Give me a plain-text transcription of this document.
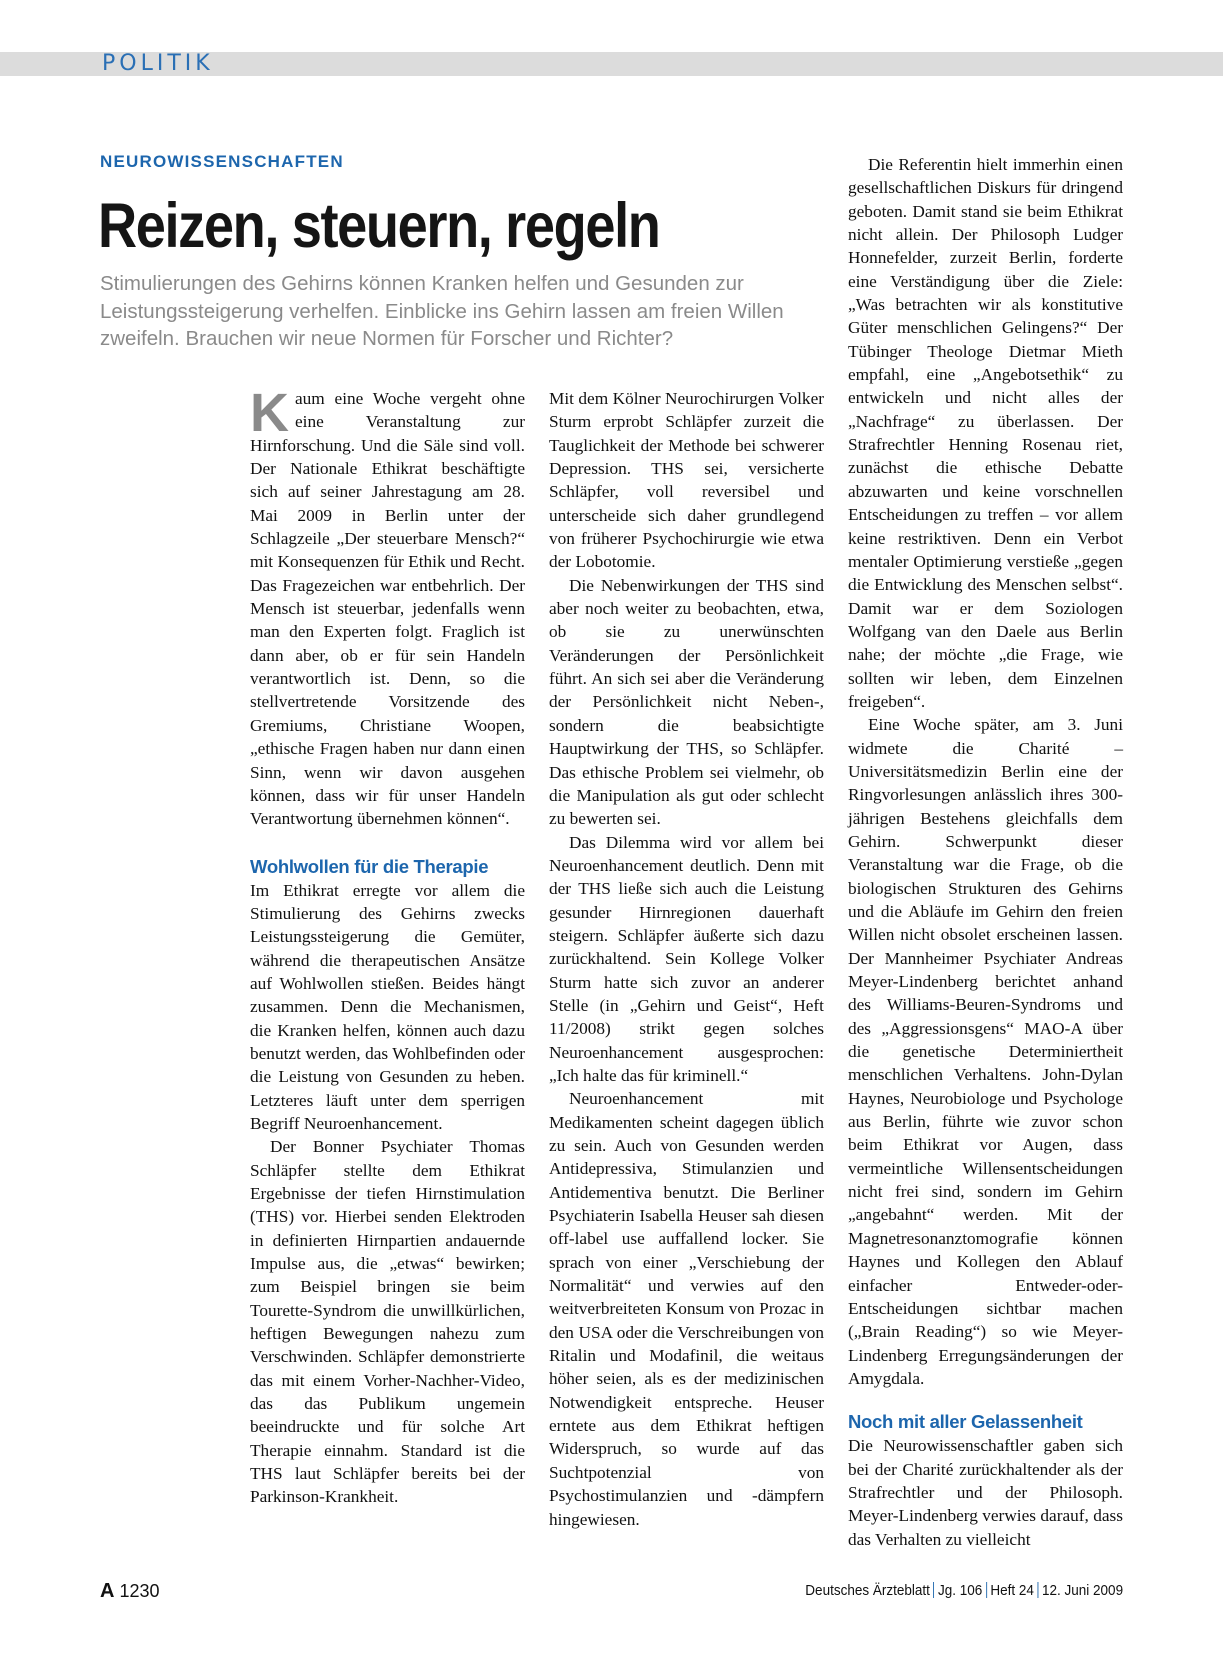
POLITIK
NEUROWISSENSCHAFTEN
Reizen, steuern, regeln
Stimulierungen des Gehirns können Kranken helfen und Gesunden zur Leistungssteigerung verhelfen. Einblicke ins Gehirn lassen am freien Willen zweifeln. Brauchen wir neue Normen für Forscher und Richter?

Kaum eine Woche vergeht ohne eine Veranstaltung zur Hirnforschung. Und die Säle sind voll. Der Nationale Ethikrat beschäftigte sich auf seiner Jahrestagung am 28. Mai 2009 in Berlin unter der Schlagzeile „Der steuerbare Mensch?“ mit Konsequenzen für Ethik und Recht. Das Fragezeichen war entbehrlich. Der Mensch ist steuerbar, jedenfalls wenn man den Experten folgt. Fraglich ist dann aber, ob er für sein Handeln verantwortlich ist. Denn, so die stellvertretende Vorsitzende des Gremiums, Christiane Woopen, „ethische Fragen haben nur dann einen Sinn, wenn wir davon ausgehen können, dass wir für unser Handeln Verantwortung übernehmen können“.

Wohlwollen für die Therapie

Im Ethikrat erregte vor allem die Stimulierung des Gehirns zwecks Leistungssteigerung die Gemüter, während die therapeutischen Ansätze auf Wohlwollen stießen. Beides hängt zusammen. Denn die Mechanismen, die Kranken helfen, können auch dazu benutzt werden, das Wohlbefinden oder die Leistung von Gesunden zu heben. Letzteres läuft unter dem sperrigen Begriff Neuroenhancement.

Der Bonner Psychiater Thomas Schläpfer stellte dem Ethikrat Ergebnisse der tiefen Hirnstimulation (THS) vor. Hierbei senden Elektroden in definierten Hirnpartien andauernde Impulse aus, die „etwas“ bewirken; zum Beispiel bringen sie beim Tourette-Syndrom die unwillkürlichen, heftigen Bewegungen nahezu zum Verschwinden. Schläpfer demonstrierte das mit einem Vorher-Nachher-Video, das das Publikum ungemein beeindruckte und für solche Art Therapie einnahm. Standard ist die THS laut Schläpfer bereits bei der Parkinson-Krankheit.

Mit dem Kölner Neurochirurgen Volker Sturm erprobt Schläpfer zurzeit die Tauglichkeit der Methode bei schwerer Depression. THS sei, versicherte Schläpfer, voll reversibel und unterscheide sich daher grundlegend von früherer Psychochirurgie wie etwa der Lobotomie.

Die Nebenwirkungen der THS sind aber noch weiter zu beobachten, etwa, ob sie zu unerwünschten Veränderungen der Persönlichkeit führt. An sich sei aber die Veränderung der Persönlichkeit nicht Neben-, sondern die beabsichtigte Hauptwirkung der THS, so Schläpfer. Das ethische Problem sei vielmehr, ob die Manipulation als gut oder schlecht zu bewerten sei.

Das Dilemma wird vor allem bei Neuroenhancement deutlich. Denn mit der THS ließe sich auch die Leistung gesunder Hirnregionen dauerhaft steigern. Schläpfer äußerte sich dazu zurückhaltend. Sein Kollege Volker Sturm hatte sich zuvor an anderer Stelle (in „Gehirn und Geist“, Heft 11/2008) strikt gegen solches Neuroenhancement ausgesprochen: „Ich halte das für kriminell.“

Neuroenhancement mit Medikamenten scheint dagegen üblich zu sein. Auch von Gesunden werden Antidepressiva, Stimulanzien und Antidementiva benutzt. Die Berliner Psychiaterin Isabella Heuser sah diesen off-label use auffallend locker. Sie sprach von einer „Verschiebung der Normalität“ und verwies auf den weitverbreiteten Konsum von Prozac in den USA oder die Verschreibungen von Ritalin und Modafinil, die weitaus höher seien, als es der medizinischen Notwendigkeit entspreche. Heuser erntete aus dem Ethikrat heftigen Widerspruch, so wurde auf das Suchtpotenzial von Psychostimulanzien und -dämpfern hingewiesen.

Die Referentin hielt immerhin einen gesellschaftlichen Diskurs für dringend geboten. Damit stand sie beim Ethikrat nicht allein. Der Philosoph Ludger Honnefelder, zurzeit Berlin, forderte eine Verständigung über die Ziele: „Was betrachten wir als konstitutive Güter menschlichen Gelingens?“ Der Tübinger Theologe Dietmar Mieth empfahl, eine „Angebotsethik“ zu entwickeln und nicht alles der „Nachfrage“ zu überlassen. Der Strafrechtler Henning Rosenau riet, zunächst die ethische Debatte abzuwarten und keine vorschnellen Entscheidungen zu treffen – vor allem keine restriktiven. Denn ein Verbot mentaler Optimierung verstieße „gegen die Entwicklung des Menschen selbst“. Damit war er dem Soziologen Wolfgang van den Daele aus Berlin nahe; der möchte „die Frage, wie sollten wir leben, dem Einzelnen freigeben“.

Eine Woche später, am 3. Juni widmete die Charité – Universitätsmedizin Berlin eine der Ringvorlesungen anlässlich ihres 300-jährigen Bestehens gleichfalls dem Gehirn. Schwerpunkt dieser Veranstaltung war die Frage, ob die biologischen Strukturen des Gehirns und die Abläufe im Gehirn den freien Willen nicht obsolet erscheinen lassen. Der Mannheimer Psychiater Andreas Meyer-Lindenberg berichtet anhand des Williams-Beuren-Syndroms und des „Aggressionsgens“ MAO-A über die genetische Determiniertheit menschlichen Verhaltens. John-Dylan Haynes, Neurobiologe und Psychologe aus Berlin, führte wie zuvor schon beim Ethikrat vor Augen, dass vermeintliche Willensentscheidungen nicht frei sind, sondern im Gehirn „angebahnt“ werden. Mit der Magnetresonanztomografie können Haynes und Kollegen den Ablauf einfacher Entweder-oder-Entscheidungen sichtbar machen („Brain Reading“) so wie Meyer-Lindenberg Erregungsänderungen der Amygdala.

Noch mit aller Gelassenheit

Die Neurowissenschaftler gaben sich bei der Charité zurückhaltender als der Strafrechtler und der Philosoph. Meyer-Lindenberg verwies darauf, dass das Verhalten zu vielleicht

A 1230	Deutsches Ärzteblatt Jg. 106 Heft 24 12. Juni 2009
